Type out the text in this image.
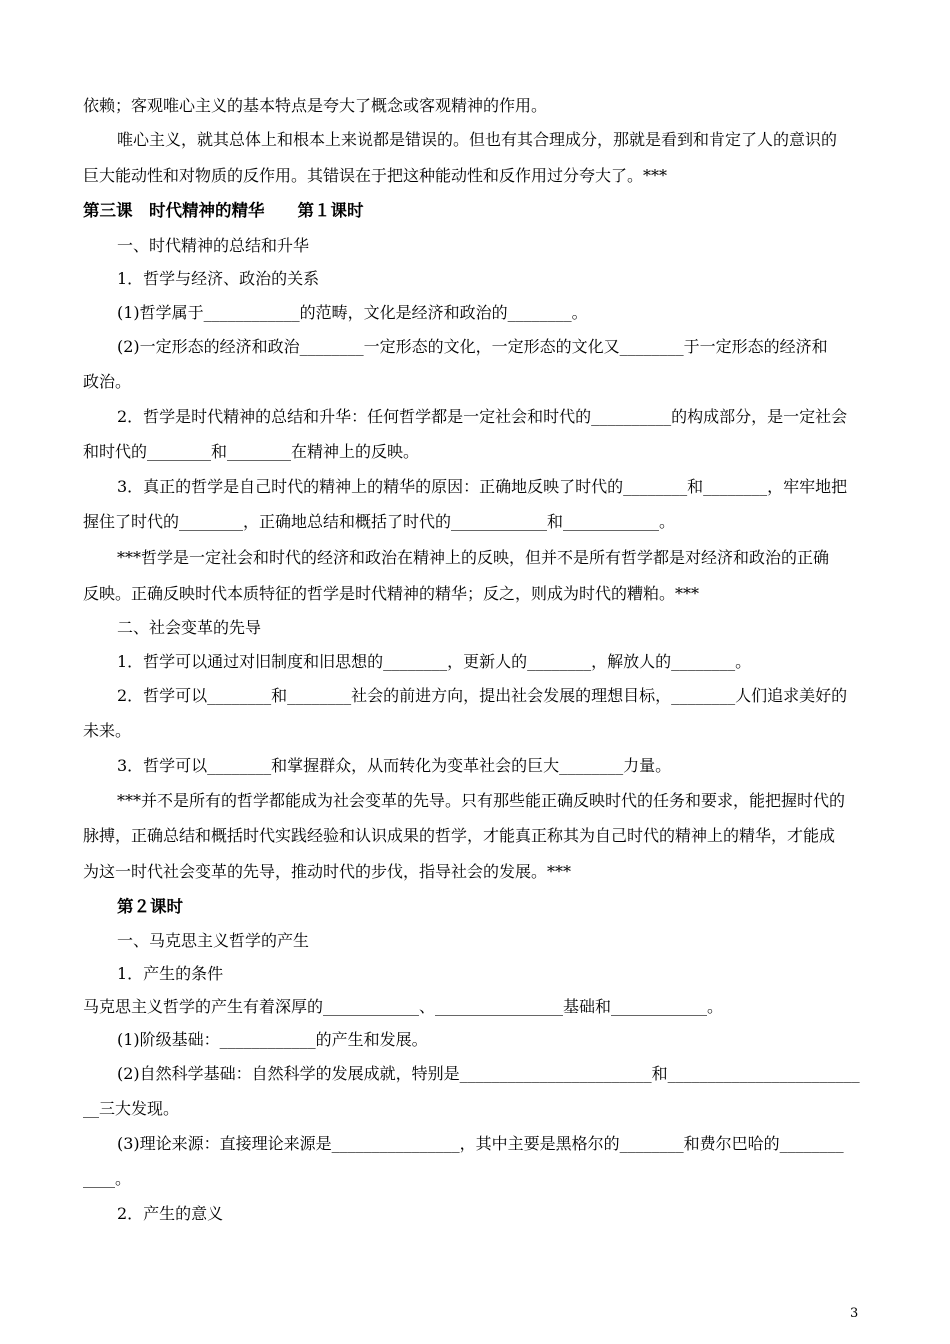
依赖；客观唯心主义的基本特点是夸大了概念或客观精神的作用。
唯心主义，就其总体上和根本上来说都是错误的。但也有其合理成分，那就是看到和肯定了人的意识的
巨大能动性和对物质的反作用。其错误在于把这种能动性和反作用过分夸大了。***
第三课　时代精神的精华　　第１课时
一、时代精神的总结和升华
1．哲学与经济、政治的关系
(1)哲学属于____________的范畴，文化是经济和政治的________。
(2)一定形态的经济和政治________一定形态的文化，一定形态的文化又________于一定形态的经济和
政治。
2．哲学是时代精神的总结和升华：任何哲学都是一定社会和时代的__________的构成部分，是一定社会
和时代的________和________在精神上的反映。
3．真正的哲学是自己时代的精神上的精华的原因：正确地反映了时代的________和________，牢牢地把
握住了时代的________，正确地总结和概括了时代的____________和____________。
***哲学是一定社会和时代的经济和政治在精神上的反映，但并不是所有哲学都是对经济和政治的正确
反映。正确反映时代本质特征的哲学是时代精神的精华；反之，则成为时代的糟粕。***
二、社会变革的先导
1．哲学可以通过对旧制度和旧思想的________，更新人的________，解放人的________。
2．哲学可以________和________社会的前进方向，提出社会发展的理想目标，________人们追求美好的
未来。
3．哲学可以________和掌握群众，从而转化为变革社会的巨大________力量。
***并不是所有的哲学都能成为社会变革的先导。只有那些能正确反映时代的任务和要求，能把握时代的
脉搏，正确总结和概括时代实践经验和认识成果的哲学，才能真正称其为自己时代的精神上的精华，才能成
为这一时代社会变革的先导，推动时代的步伐，指导社会的发展。***
第２课时
一、马克思主义哲学的产生
1．产生的条件
马克思主义哲学的产生有着深厚的____________、________________基础和____________。
(1)阶级基础：____________的产生和发展。
(2)自然科学基础：自然科学的发展成就，特别是________________________和________________________
__三大发现。
(3)理论来源：直接理论来源是________________，其中主要是黑格尔的________和费尔巴哈的________
____。
2．产生的意义
3
